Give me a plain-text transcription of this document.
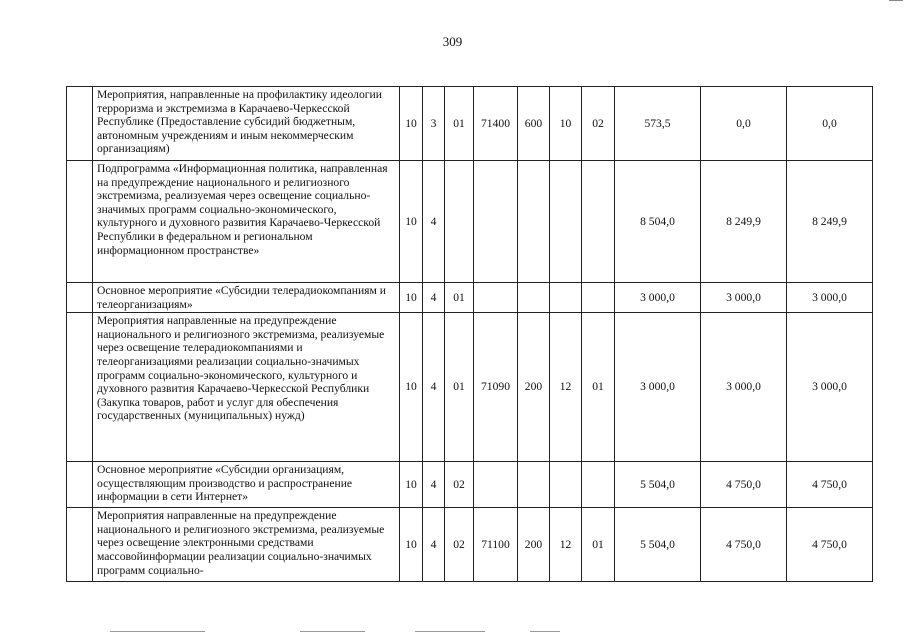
309
	Мероприятия, направленные на профилактику идеологии терроризма и экстремизма в Карачаево-Черкесской Республике (Предоставление субсидий бюджетным, автономным учреждениям и иным некоммерческим организациям)	10	3	01	71400	600	10	02	573,5	0,0	0,0
	Подпрограмма «Информационная политика, направленная на предупреждение национального и религиозного экстремизма, реализуемая через освещение социально-значимых программ социально-экономического, культурного и духовного развития Карачаево-Черкесской Республики в федеральном и региональном информационном пространстве»	10	4						8 504,0	8 249,9	8 249,9
	Основное мероприятие «Субсидии телерадиокомпаниям и телеорганизациям»	10	4	01					3 000,0	3 000,0	3 000,0
	Мероприятия направленные на предупреждение национального и религиозного экстремизма, реализуемые через освещение телерадиокомпаниями и телеорганизациями реализации социально-значимых программ социально-экономического, культурного и духовного развития Карачаево-Черкесской Республики (Закупка товаров, работ и услуг для обеспечения государственных (муниципальных) нужд)	10	4	01	71090	200	12	01	3 000,0	3 000,0	3 000,0
	Основное мероприятие «Субсидии организациям, осуществляющим производство и распространение информации в сети Интернет»	10	4	02					5 504,0	4 750,0	4 750,0
	Мероприятия направленные на предупреждение национального и религиозного экстремизма, реализуемые через освещение электронными средствами массовойинформации реализации социально-значимых программ социально-	10	4	02	71100	200	12	01	5 504,0	4 750,0	4 750,0
